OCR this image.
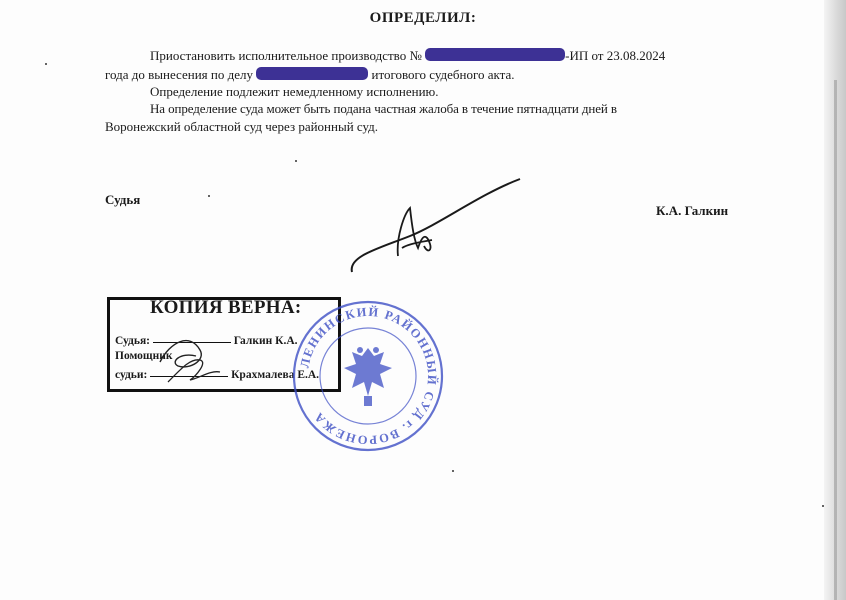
ОПРЕДЕЛИЛ:
Приостановить исполнительное производство №	-ИП от 23.08.2024
года до вынесения по делу	итогового судебного акта.
Определение подлежит немедленному исполнению.
На определение суда может быть подана частная жалоба в течение пятнадцати дней в
Воронежский областной суд через районный суд.
Судья
К.А. Галкин
КОПИЯ ВЕРНА:
Судья:	Галкин К.А.
Помощник
судьи:	Крахмалева Е.А.
ЛЕНИНСКИЙ РАЙОННЫЙ СУД г. ВОРОНЕЖА
